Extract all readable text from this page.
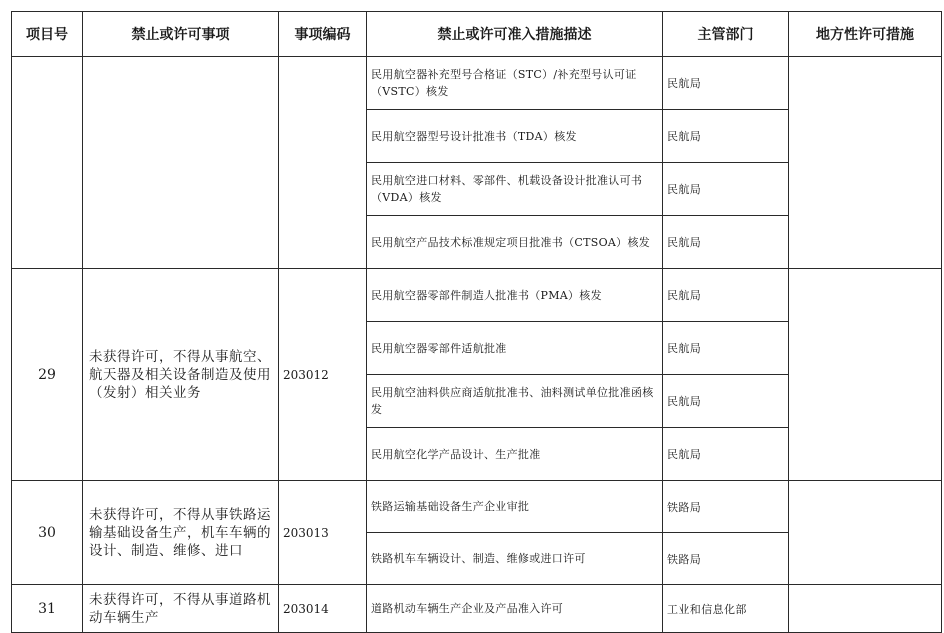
项目号	禁止或许可事项	事项编码	禁止或许可准入措施描述	主管部门	地方性许可措施
			民用航空器补充型号合格证（STC）/补充型号认可证（VSTC）核发	民航局	
			民用航空器型号设计批准书（TDA）核发	民航局	
			民用航空进口材料、零部件、机载设备设计批准认可书（VDA）核发	民航局	
			民用航空产品技术标准规定项目批准书（CTSOA）核发	民航局	
29	未获得许可，不得从事航空、航天器及相关设备制造及使用（发射）相关业务	203012	民用航空器零部件制造人批准书（PMA）核发	民航局	
			民用航空器零部件适航批准	民航局	
			民用航空油料供应商适航批准书、油料测试单位批准函核发	民航局	
			民用航空化学产品设计、生产批准	民航局	
30	未获得许可，不得从事铁路运输基础设备生产，机车车辆的设计、制造、维修、进口	203013	铁路运输基础设备生产企业审批	铁路局	
			铁路机车车辆设计、制造、维修或进口许可	铁路局	
31	未获得许可，不得从事道路机动车辆生产	203014	道路机动车辆生产企业及产品准入许可	工业和信息化部	
